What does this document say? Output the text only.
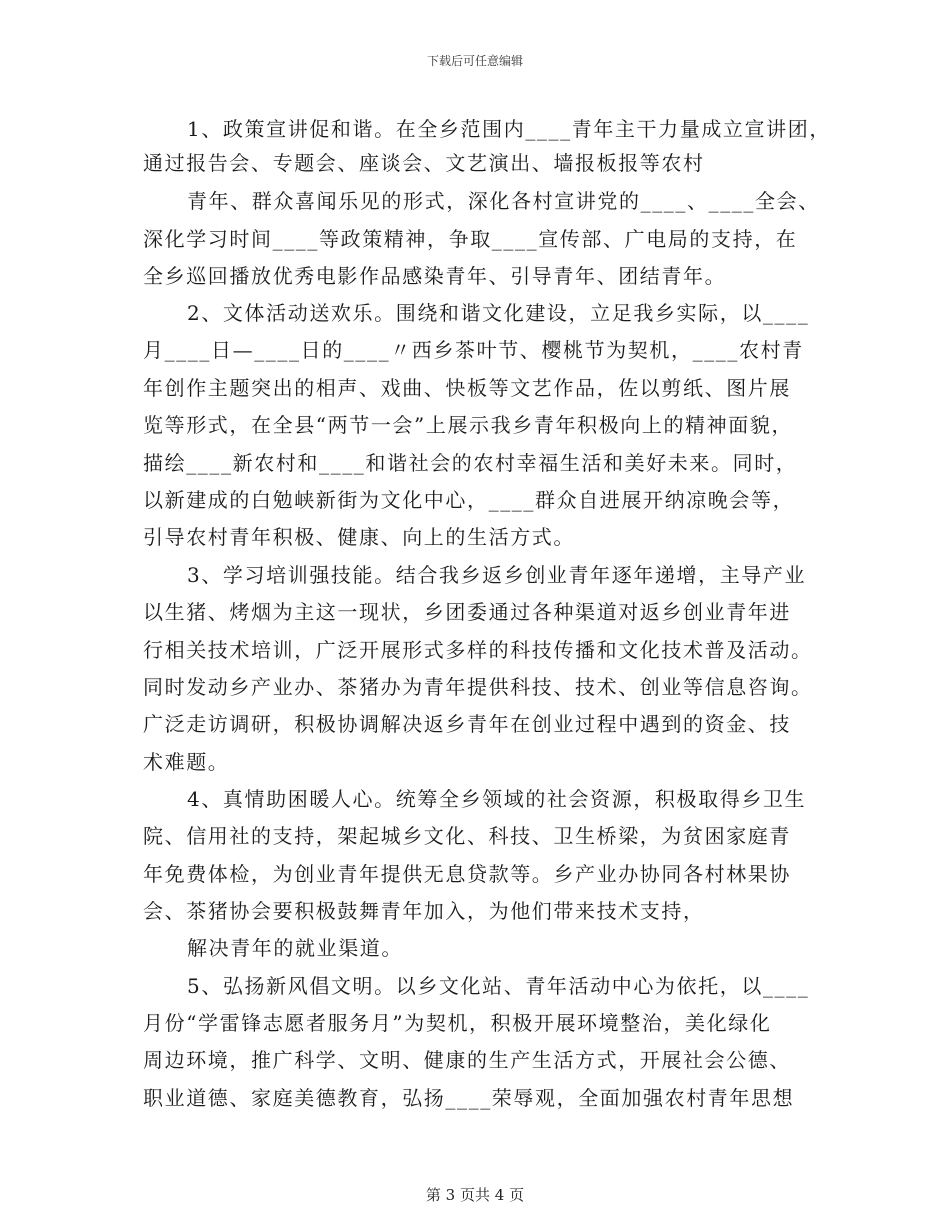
下载后可任意编辑
1、政策宣讲促和谐。在全乡范围内____青年主干力量成立宣讲团，
通过报告会、专题会、座谈会、文艺演出、墙报板报等农村
青年、群众喜闻乐见的形式，深化各村宣讲党的____、____全会、
深化学习时间____等政策精神，争取____宣传部、广电局的支持，在
全乡巡回播放优秀电影作品感染青年、引导青年、团结青年。
2、文体活动送欢乐。围绕和谐文化建设，立足我乡实际，以____
月____日—____日的____〃西乡茶叶节、樱桃节为契机，____农村青
年创作主题突出的相声、戏曲、快板等文艺作品，佐以剪纸、图片展
览等形式，在全县“两节一会”上展示我乡青年积极向上的精神面貌，
描绘____新农村和____和谐社会的农村幸福生活和美好未来。同时，
以新建成的白勉峡新街为文化中心，____群众自进展开纳凉晚会等，
引导农村青年积极、健康、向上的生活方式。
3、学习培训强技能。结合我乡返乡创业青年逐年递增，主导产业
以生猪、烤烟为主这一现状，乡团委通过各种渠道对返乡创业青年进
行相关技术培训，广泛开展形式多样的科技传播和文化技术普及活动。
同时发动乡产业办、茶猪办为青年提供科技、技术、创业等信息咨询。
广泛走访调研，积极协调解决返乡青年在创业过程中遇到的资金、技
术难题。
4、真情助困暖人心。统筹全乡领域的社会资源，积极取得乡卫生
院、信用社的支持，架起城乡文化、科技、卫生桥梁，为贫困家庭青
年免费体检，为创业青年提供无息贷款等。乡产业办协同各村林果协
会、茶猪协会要积极鼓舞青年加入，为他们带来技术支持，
解决青年的就业渠道。
5、弘扬新风倡文明。以乡文化站、青年活动中心为依托，以____
月份“学雷锋志愿者服务月”为契机，积极开展环境整治，美化绿化
周边环境，推广科学、文明、健康的生产生活方式，开展社会公德、
职业道德、家庭美德教育，弘扬____荣辱观，全面加强农村青年思想
第 3 页共 4 页
